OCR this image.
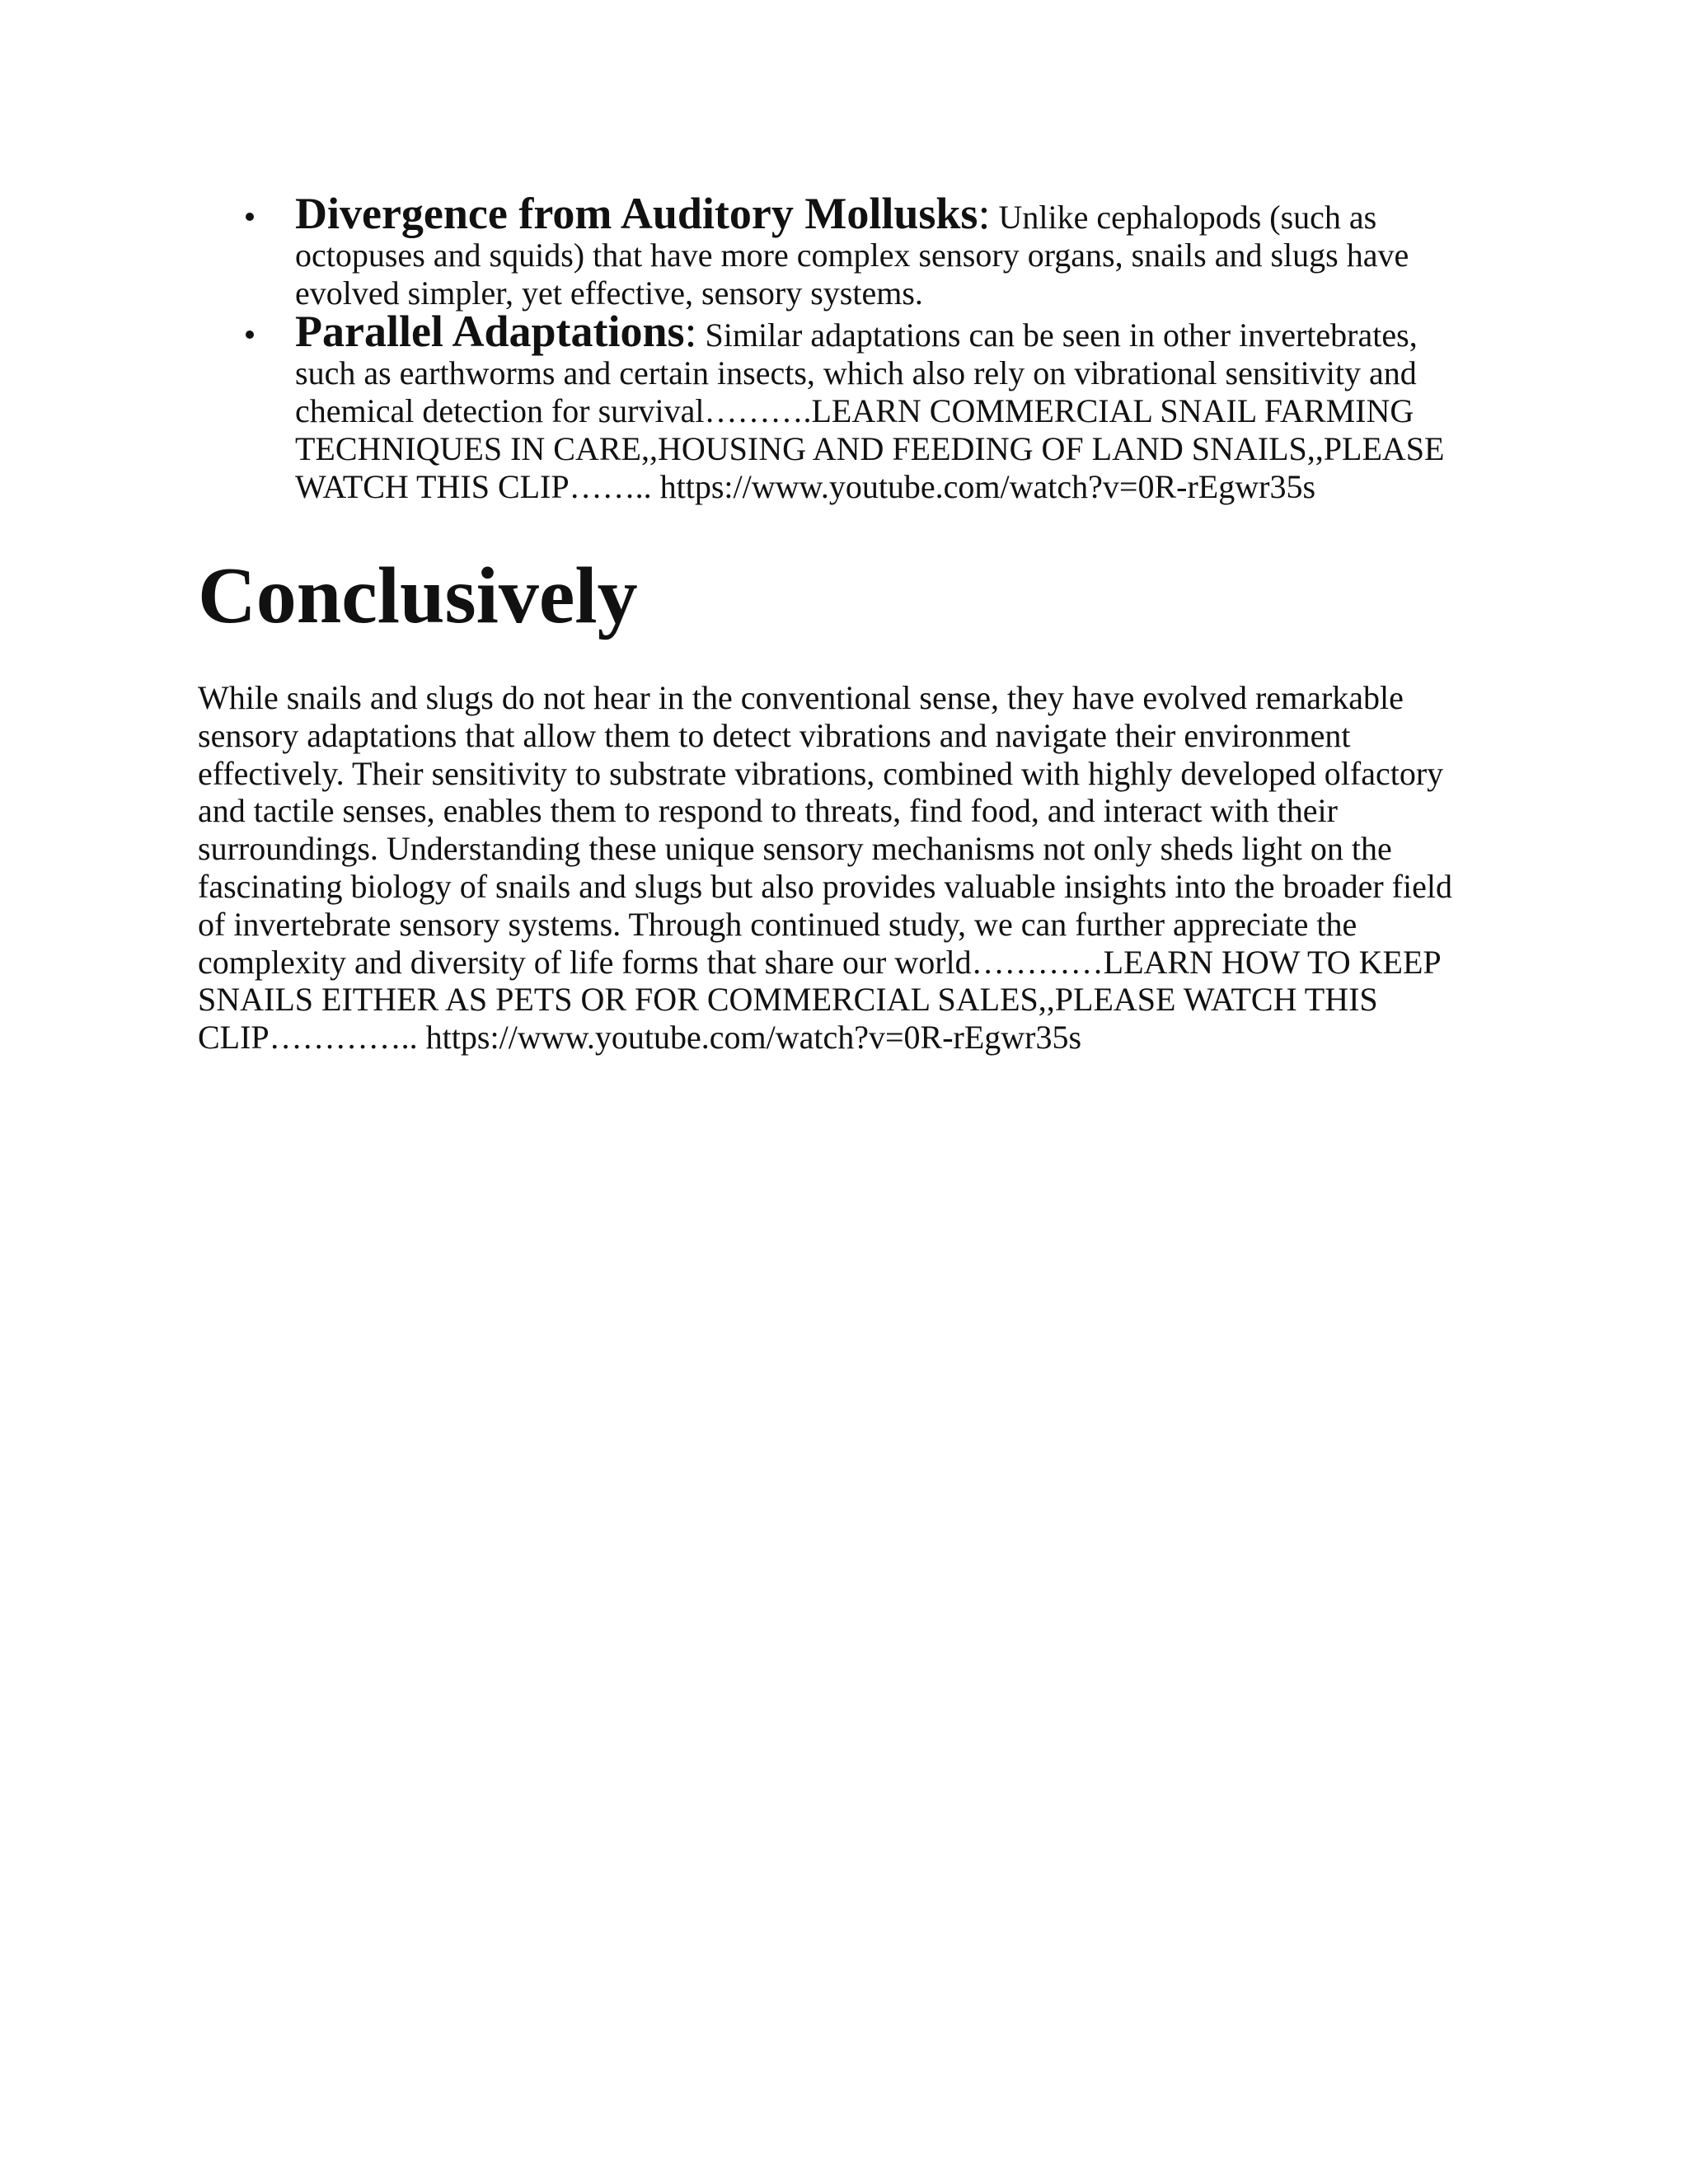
Divergence from Auditory Mollusks: Unlike cephalopods (such as octopuses and squids) that have more complex sensory organs, snails and slugs have evolved simpler, yet effective, sensory systems.
Parallel Adaptations: Similar adaptations can be seen in other invertebrates, such as earthworms and certain insects, which also rely on vibrational sensitivity and chemical detection for survival……….LEARN COMMERCIAL SNAIL FARMING TECHNIQUES IN CARE,,HOUSING AND FEEDING OF LAND SNAILS,,PLEASE WATCH THIS CLIP…….. https://www.youtube.com/watch?v=0R-rEgwr35s
Conclusively

While snails and slugs do not hear in the conventional sense, they have evolved remarkable sensory adaptations that allow them to detect vibrations and navigate their environment effectively. Their sensitivity to substrate vibrations, combined with highly developed olfactory and tactile senses, enables them to respond to threats, find food, and interact with their surroundings. Understanding these unique sensory mechanisms not only sheds light on the fascinating biology of snails and slugs but also provides valuable insights into the broader field of invertebrate sensory systems. Through continued study, we can further appreciate the complexity and diversity of life forms that share our world…………LEARN HOW TO KEEP SNAILS EITHER AS PETS OR FOR COMMERCIAL SALES,,PLEASE WATCH THIS CLIP………….. https://www.youtube.com/watch?v=0R-rEgwr35s
